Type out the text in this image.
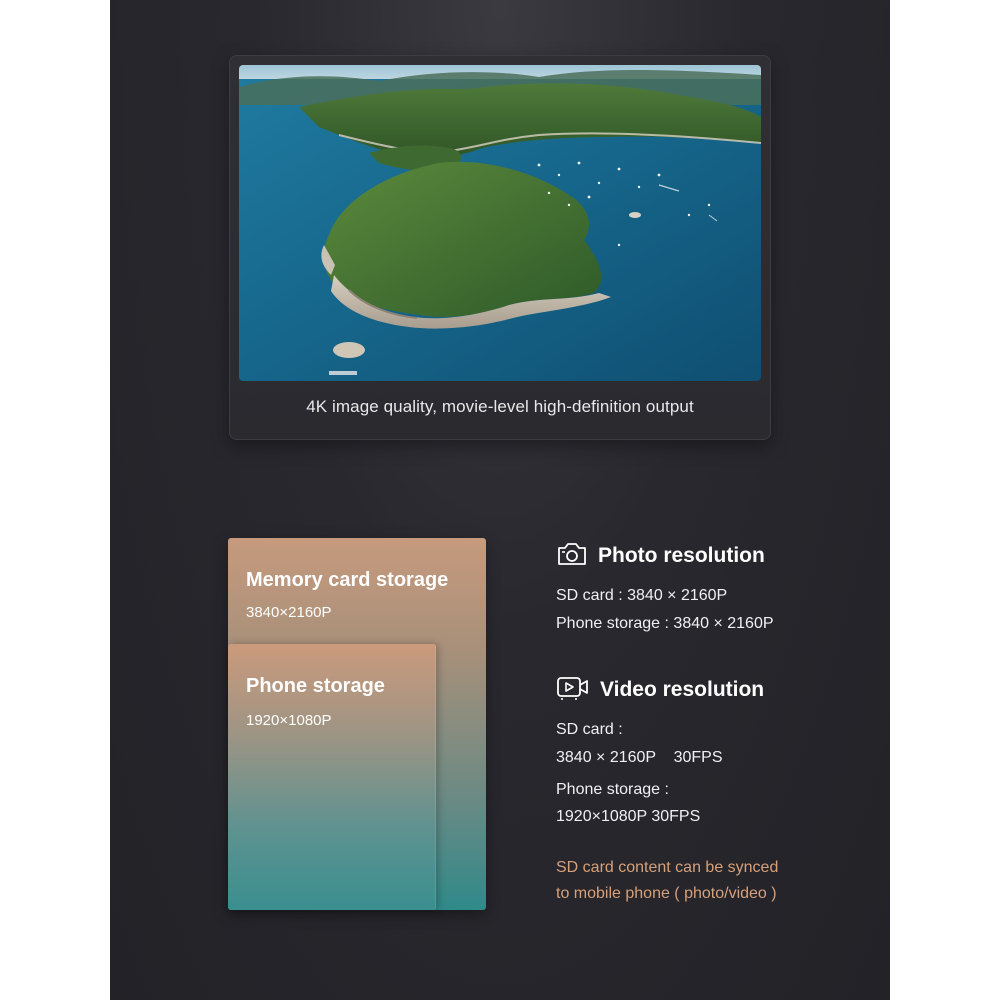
4K image quality, movie-level high-definition output
Memory card storage
3840×2160P
Phone storage
1920×1080P
Photo resolution
SD card : 3840 × 2160P
Phone storage : 3840 × 2160P
Video resolution
SD card :
3840 × 2160P    30FPS
Phone storage :
1920×1080P 30FPS
SD card content can be synced
to mobile phone ( photo/video )
